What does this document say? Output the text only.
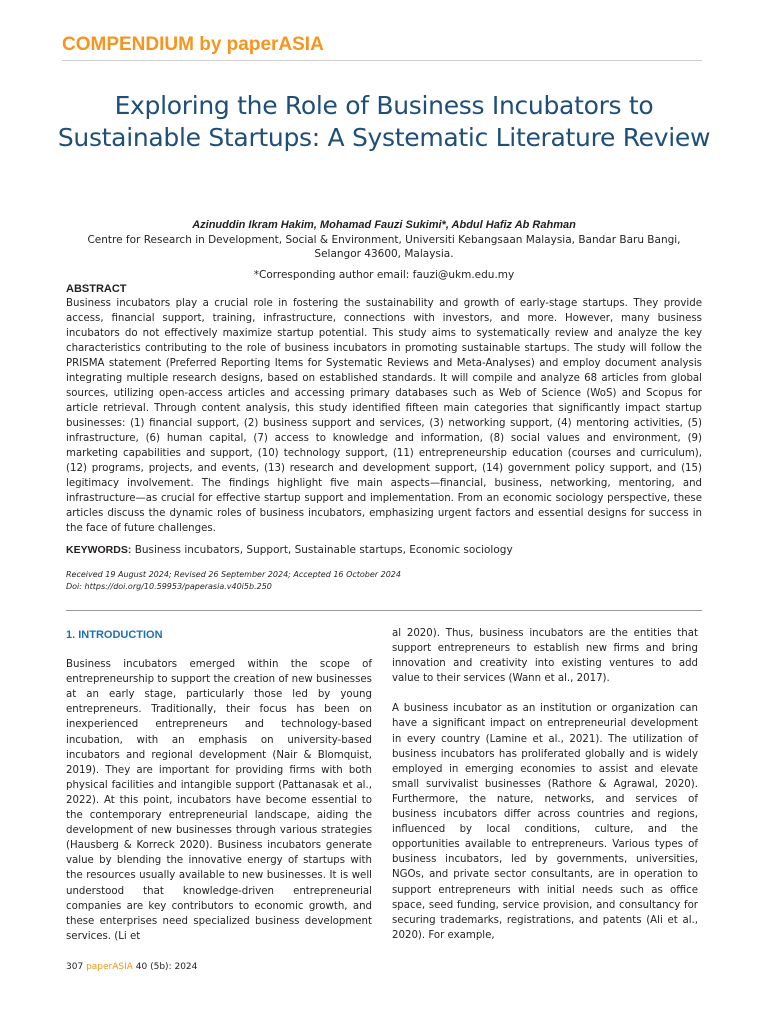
COMPENDIUM by paperASIA
Exploring the Role of Business Incubators to Sustainable Startups: A Systematic Literature Review
Azinuddin Ikram Hakim, Mohamad Fauzi Sukimi*, Abdul Hafiz Ab Rahman
Centre for Research in Development, Social & Environment, Universiti Kebangsaan Malaysia, Bandar Baru Bangi,
Selangor 43600, Malaysia.
*Corresponding author email: fauzi@ukm.edu.my
ABSTRACT

Business incubators play a crucial role in fostering the sustainability and growth of early-stage startups. They provide access, financial support, training, infrastructure, connections with investors, and more. However, many business incubators do not effectively maximize startup potential. This study aims to systematically review and analyze the key characteristics contributing to the role of business incubators in promoting sustainable startups. The study will follow the PRISMA statement (Preferred Reporting Items for Systematic Reviews and Meta-Analyses) and employ document analysis integrating multiple research designs, based on established standards. It will compile and analyze 68 articles from global sources, utilizing open-access articles and accessing primary databases such as Web of Science (WoS) and Scopus for article retrieval. Through content analysis, this study identified fifteen main categories that significantly impact startup businesses: (1) financial support, (2) business support and services, (3) networking support, (4) mentoring activities, (5) infrastructure, (6) human capital, (7) access to knowledge and information, (8) social values and environment, (9) marketing capabilities and support, (10) technology support, (11) entrepreneurship education (courses and curriculum), (12) programs, projects, and events, (13) research and development support, (14) government policy support, and (15) legitimacy involvement. The findings highlight five main aspects—financial, business, networking, mentoring, and infrastructure—as crucial for effective startup support and implementation. From an economic sociology perspective, these articles discuss the dynamic roles of business incubators, emphasizing urgent factors and essential designs for success in the face of future challenges.

KEYWORDS: Business incubators, Support, Sustainable startups, Economic sociology
Received 19 August 2024; Revised 26 September 2024; Accepted 16 October 2024
Doi: https://doi.org/10.59953/paperasia.v40i5b.250
1. INTRODUCTION

Business incubators emerged within the scope of entrepreneurship to support the creation of new businesses at an early stage, particularly those led by young entrepreneurs. Traditionally, their focus has been on inexperienced entrepreneurs and technology-based incubation, with an emphasis on university-based incubators and regional development (Nair & Blomquist, 2019). They are important for providing firms with both physical facilities and intangible support (Pattanasak et al., 2022). At this point, incubators have become essential to the contemporary entrepreneurial landscape, aiding the development of new businesses through various strategies (Hausberg & Korreck 2020). Business incubators generate value by blending the innovative energy of startups with the resources usually available to new businesses. It is well understood that knowledge-driven entrepreneurial companies are key contributors to economic growth, and these enterprises need specialized business development services. (Li et

al 2020). Thus, business incubators are the entities that support entrepreneurs to establish new firms and bring innovation and creativity into existing ventures to add value to their services (Wann et al., 2017).

A business incubator as an institution or organization can have a significant impact on entrepreneurial development in every country (Lamine et al., 2021). The utilization of business incubators has proliferated globally and is widely employed in emerging economies to assist and elevate small survivalist businesses (Rathore & Agrawal, 2020). Furthermore, the nature, networks, and services of business incubators differ across countries and regions, influenced by local conditions, culture, and the opportunities available to entrepreneurs. Various types of business incubators, led by governments, universities, NGOs, and private sector consultants, are in operation to support entrepreneurs with initial needs such as office space, seed funding, service provision, and consultancy for securing trademarks, registrations, and patents (Ali et al., 2020). For example,

307 paperASIA 40 (5b): 2024
